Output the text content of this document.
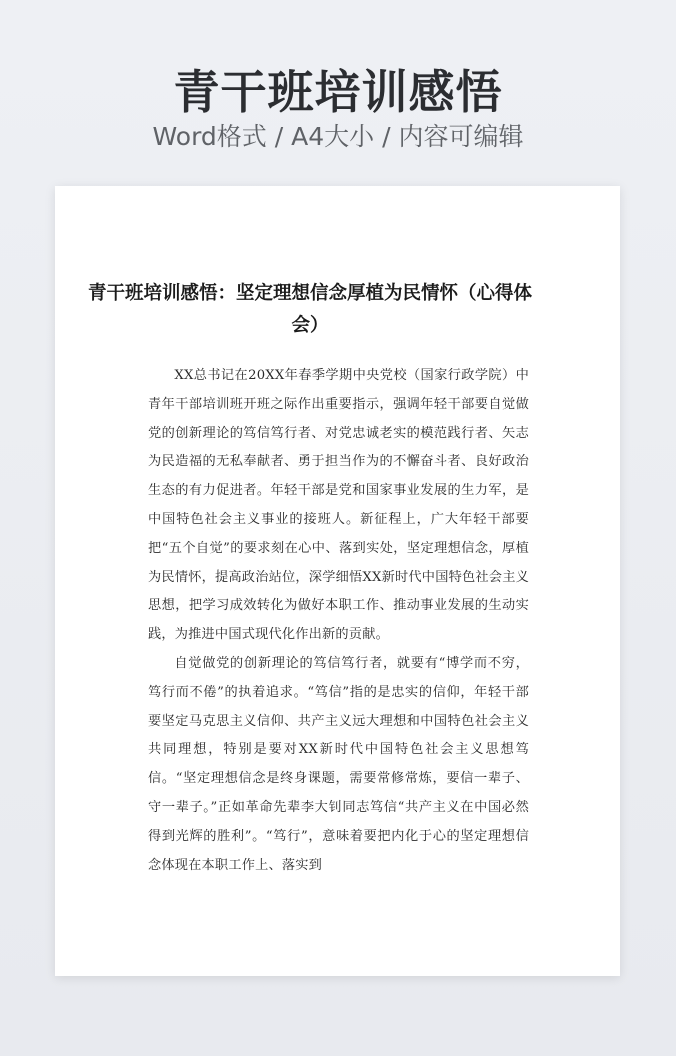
青干班培训感悟
Word格式 / A4大小 / 内容可编辑
青干班培训感悟：坚定理想信念厚植为民情怀（心得体会）

XX总书记在20XX年春季学期中央党校（国家行政学院）中青年干部培训班开班之际作出重要指示，强调年轻干部要自觉做党的创新理论的笃信笃行者、对党忠诚老实的模范践行者、矢志为民造福的无私奉献者、勇于担当作为的不懈奋斗者、良好政治生态的有力促进者。年轻干部是党和国家事业发展的生力军，是中国特色社会主义事业的接班人。新征程上，广大年轻干部要把“五个自觉”的要求刻在心中、落到实处，坚定理想信念，厚植为民情怀，提高政治站位，深学细悟XX新时代中国特色社会主义思想，把学习成效转化为做好本职工作、推动事业发展的生动实践，为推进中国式现代化作出新的贡献。

自觉做党的创新理论的笃信笃行者，就要有“博学而不穷，笃行而不倦”的执着追求。“笃信”指的是忠实的信仰，年轻干部要坚定马克思主义信仰、共产主义远大理想和中国特色社会主义共同理想，特别是要对XX新时代中国特色社会主义思想笃信。“坚定理想信念是终身课题，需要常修常炼，要信一辈子、守一辈子。”正如革命先辈李大钊同志笃信“共产主义在中国必然得到光辉的胜利”。“笃行”，意味着要把内化于心的坚定理想信念体现在本职工作上、落实到
